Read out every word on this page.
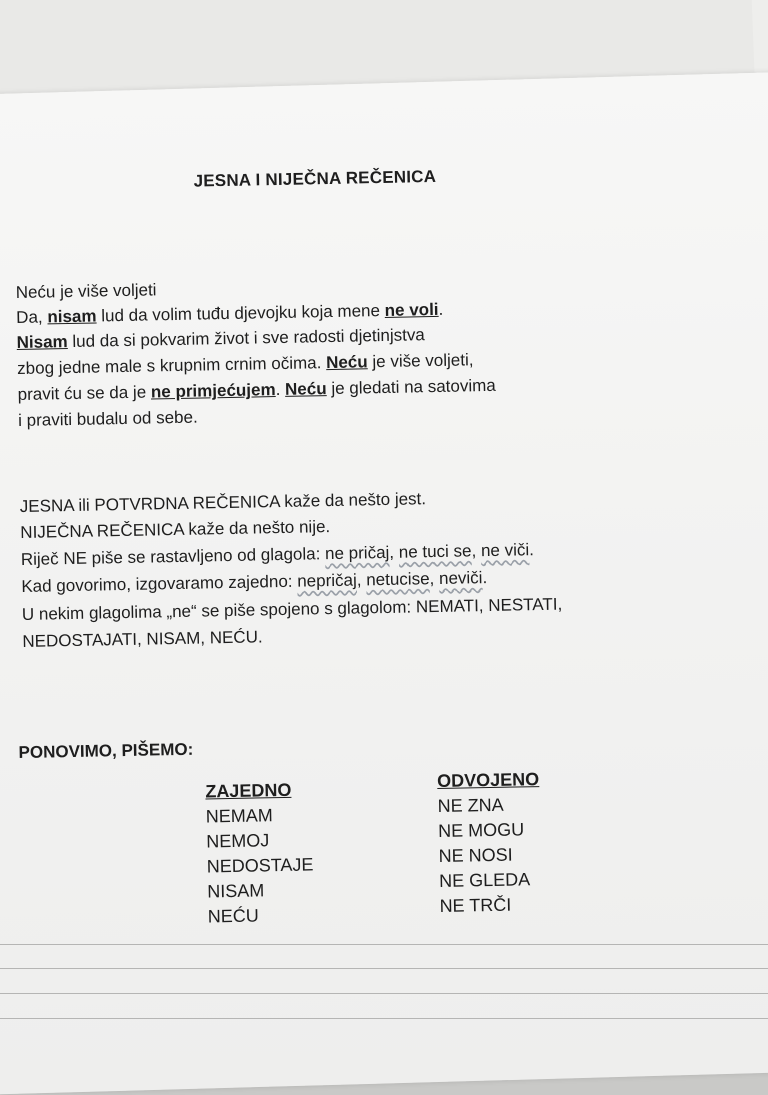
JESNA I NIJEČNA REČENICA
Neću je više voljeti
Da, nisam lud da volim tuđu djevojku koja mene ne voli.
Nisam lud da si pokvarim život i sve radosti djetinjstva
zbog jedne male s krupnim crnim očima. Neću je više voljeti,
pravit ću se da je ne primjećujem. Neću je gledati na satovima
i praviti budalu od sebe.
JESNA ili POTVRDNA REČENICA kaže da nešto jest.
NIJEČNA REČENICA kaže da nešto nije.
Riječ NE piše se rastavljeno od glagola: ne pričaj, ne tuci se, ne viči.
Kad govorimo, izgovaramo zajedno: nepričaj, netucise, neviči.
U nekim glagolima „ne“ se piše spojeno s glagolom: NEMATI, NESTATI,
NEDOSTAJATI, NISAM, NEĆU.
PONOVIMO, PIŠEMO:
ZAJEDNO
NEMAM
NEMOJ
NEDOSTAJE
NISAM
NEĆU
ODVOJENO
NE ZNA
NE MOGU
NE NOSI
NE GLEDA
NE TRČI
